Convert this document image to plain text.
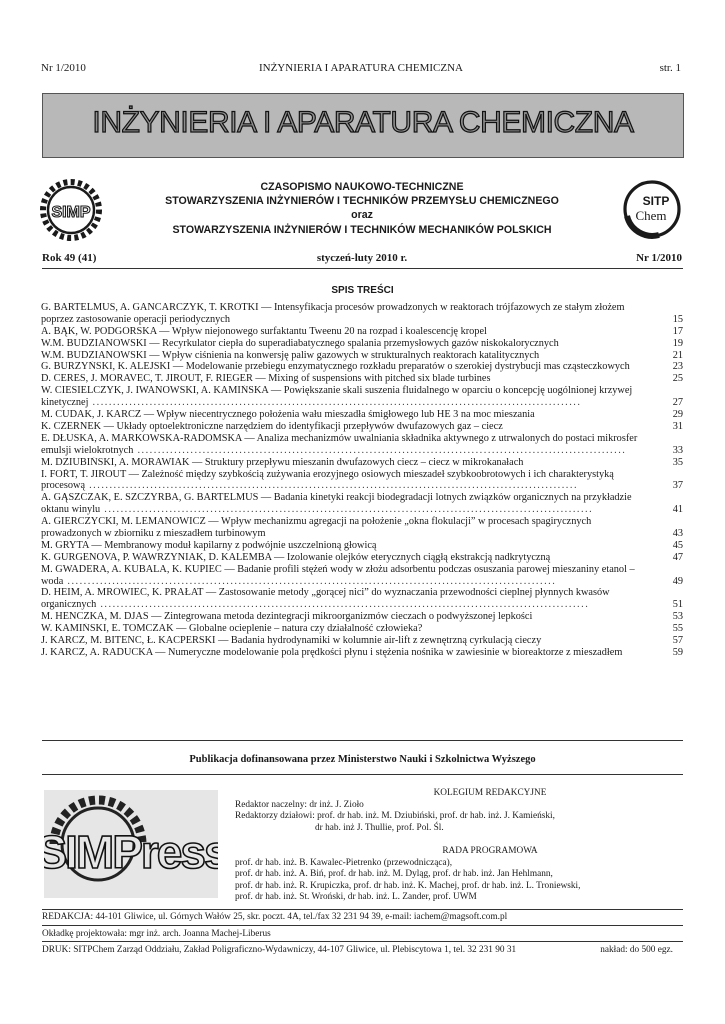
Nr 1/2010	INŻYNIERIA I APARATURA CHEMICZNA	str. 1
INŻYNIERIA I APARATURA CHEMICZNA
SIMP
CZASOPISMO NAUKOWO-TECHNICZNE
STOWARZYSZENIA INŻYNIERÓW I TECHNIKÓW PRZEMYSŁU CHEMICZNEGO
oraz
STOWARZYSZENIA INŻYNIERÓW I TECHNIKÓW MECHANIKÓW POLSKICH
SITP
Chem
Rok 49 (41)	styczeń-luty 2010 r.	Nr 1/2010
SPIS TREŚCI
G. BARTELMUS, A. GANCARCZYK, T. KRÓTKI — Intensyfikacja procesów prowadzonych w reaktorach trójfazowych ze stałym złożem poprzez zastosowanie operacji periodycznych	15
A. BĄK, W. PODGÓRSKA — Wpływ niejonowego surfaktantu Tweenu 20 na rozpad i koalescencję kropel	17
W.M. BUDZIANOWSKI — Recyrkulator ciepła do superadiabatycznego spalania przemysłowych gazów niskokalorycznych	19
W.M. BUDZIANOWSKI — Wpływ ciśnienia na konwersję paliw gazowych w strukturalnych reaktorach katalitycznych	21
G. BURZYŃSKI, K. ALEJSKI — Modelowanie przebiegu enzymatycznego rozkładu preparatów o szerokiej dystrybucji mas cząsteczkowych	23
D. CERES, J. MORAVEC, T. JIROUT, F. RIEGER — Mixing of suspensions with pitched six blade turbines	25
W. CIESIELCZYK, J. IWANOWSKI, A. KAMIŃSKA — Powiększanie skali suszenia fluidalnego w oparciu o koncepcję uogólnionej krzywej kinetycznej ........................................................................................................................	27
M. CUDAK, J. KARCZ — Wpływ niecentrycznego położenia wału mieszadła śmigłowego lub HE 3 na moc mieszania	29
K. CZERNEK — Układy optoelektroniczne narzędziem do identyfikacji przepływów dwufazowych gaz – ciecz	31
E. DŁUSKA, A. MARKOWSKA-RADOMSKA — Analiza mechanizmów uwalniania składnika aktywnego z utrwalonych do postaci mikrosfer emulsji wielokrotnych ........................................................................................................................	33
M. DZIUBIŃSKI, A. MORAWIAK — Struktury przepływu mieszanin dwufazowych ciecz – ciecz w mikrokanałach	35
I. FOŘT, T. JIROUT — Zależność między szybkością zużywania erozyjnego osiowych mieszadeł szybkoobrotowych i ich charakterystyką procesową ........................................................................................................................	37
A. GĄSZCZAK, E. SZCZYRBA, G. BARTELMUS — Badania kinetyki reakcji biodegradacji lotnych związków organicznych na przykładzie oktanu winylu ........................................................................................................................	41
A. GIERCZYCKI, M. LEMANOWICZ — Wpływ mechanizmu agregacji na położenie „okna flokulacji” w procesach spagirycznych prowadzonych w zbiorniku z mieszadłem turbinowym	43
M. GRYTA — Membranowy moduł kapilarny z podwójnie uszczelnioną głowicą	45
K. GURGENOVA, P. WAWRZYNIAK, D. KALEMBA — Izolowanie olejków eterycznych ciągłą ekstrakcją nadkrytyczną	47
M. GWADERA, A. KUBALA, K. KUPIEC — Badanie profili stężeń wody w złożu adsorbentu podczas osuszania parowej mieszaniny etanol – woda ........................................................................................................................	49
D. HEIM, A. MRÓWIEC, K. PRAŁAT — Zastosowanie metody „gorącej nici” do wyznaczania przewodności cieplnej płynnych kwasów organicznych ........................................................................................................................	51
M. HENCZKA, M. DJAS — Zintegrowana metoda dezintegracji mikroorganizmów cieczach o podwyższonej lepkości	53
W. KAMIŃSKI, E. TOMCZAK — Globalne ocieplenie – natura czy działalność człowieka?	55
J. KARCZ, M. BITENC, Ł. KACPERSKI — Badania hydrodynamiki w kolumnie air-lift z zewnętrzną cyrkulacją cieczy	57
J. KARCZ, A. RADUCKA — Numeryczne modelowanie pola prędkości płynu i stężenia nośnika w zawiesinie w bioreaktorze z mieszadłem	59
Publikacja dofinansowana przez Ministerstwo Nauki i Szkolnictwa Wyższego
SIMPress
KOLEGIUM REDAKCYJNE
Redaktor naczelny: dr inż. J. Zioło
Redaktorzy działowi: prof. dr hab. inż. M. Dziubiński, prof. dr hab. inż. J. Kamieński,
dr hab. inż J. Thullie, prof. Pol. Śl.
RADA PROGRAMOWA
prof. dr hab. inż. B. Kawalec-Pietrenko (przewodnicząca),
prof. dr hab. inż. A. Biń, prof. dr hab. inż. M. Dyląg, prof. dr hab. inż. Jan Hehlmann,
prof. dr hab. inż. R. Krupiczka, prof. dr hab. inż. K. Machej, prof. dr hab. inż. L. Troniewski,
prof. dr hab. inż. St. Wroński, dr hab. inż. L. Zander, prof. UWM
REDAKCJA: 44-101 Gliwice, ul. Górnych Wałów 25, skr. poczt. 4A, tel./fax 32 231 94 39, e-mail: iachem@magsoft.com.pl
Okładkę projektowała: mgr inż. arch. Joanna Machej-Liberus
DRUK: SITPChem Zarząd Oddziału, Zakład Poligraficzno-Wydawniczy, 44-107 Gliwice, ul. Plebiscytowa 1, tel. 32 231 90 31	nakład: do 500 egz.
